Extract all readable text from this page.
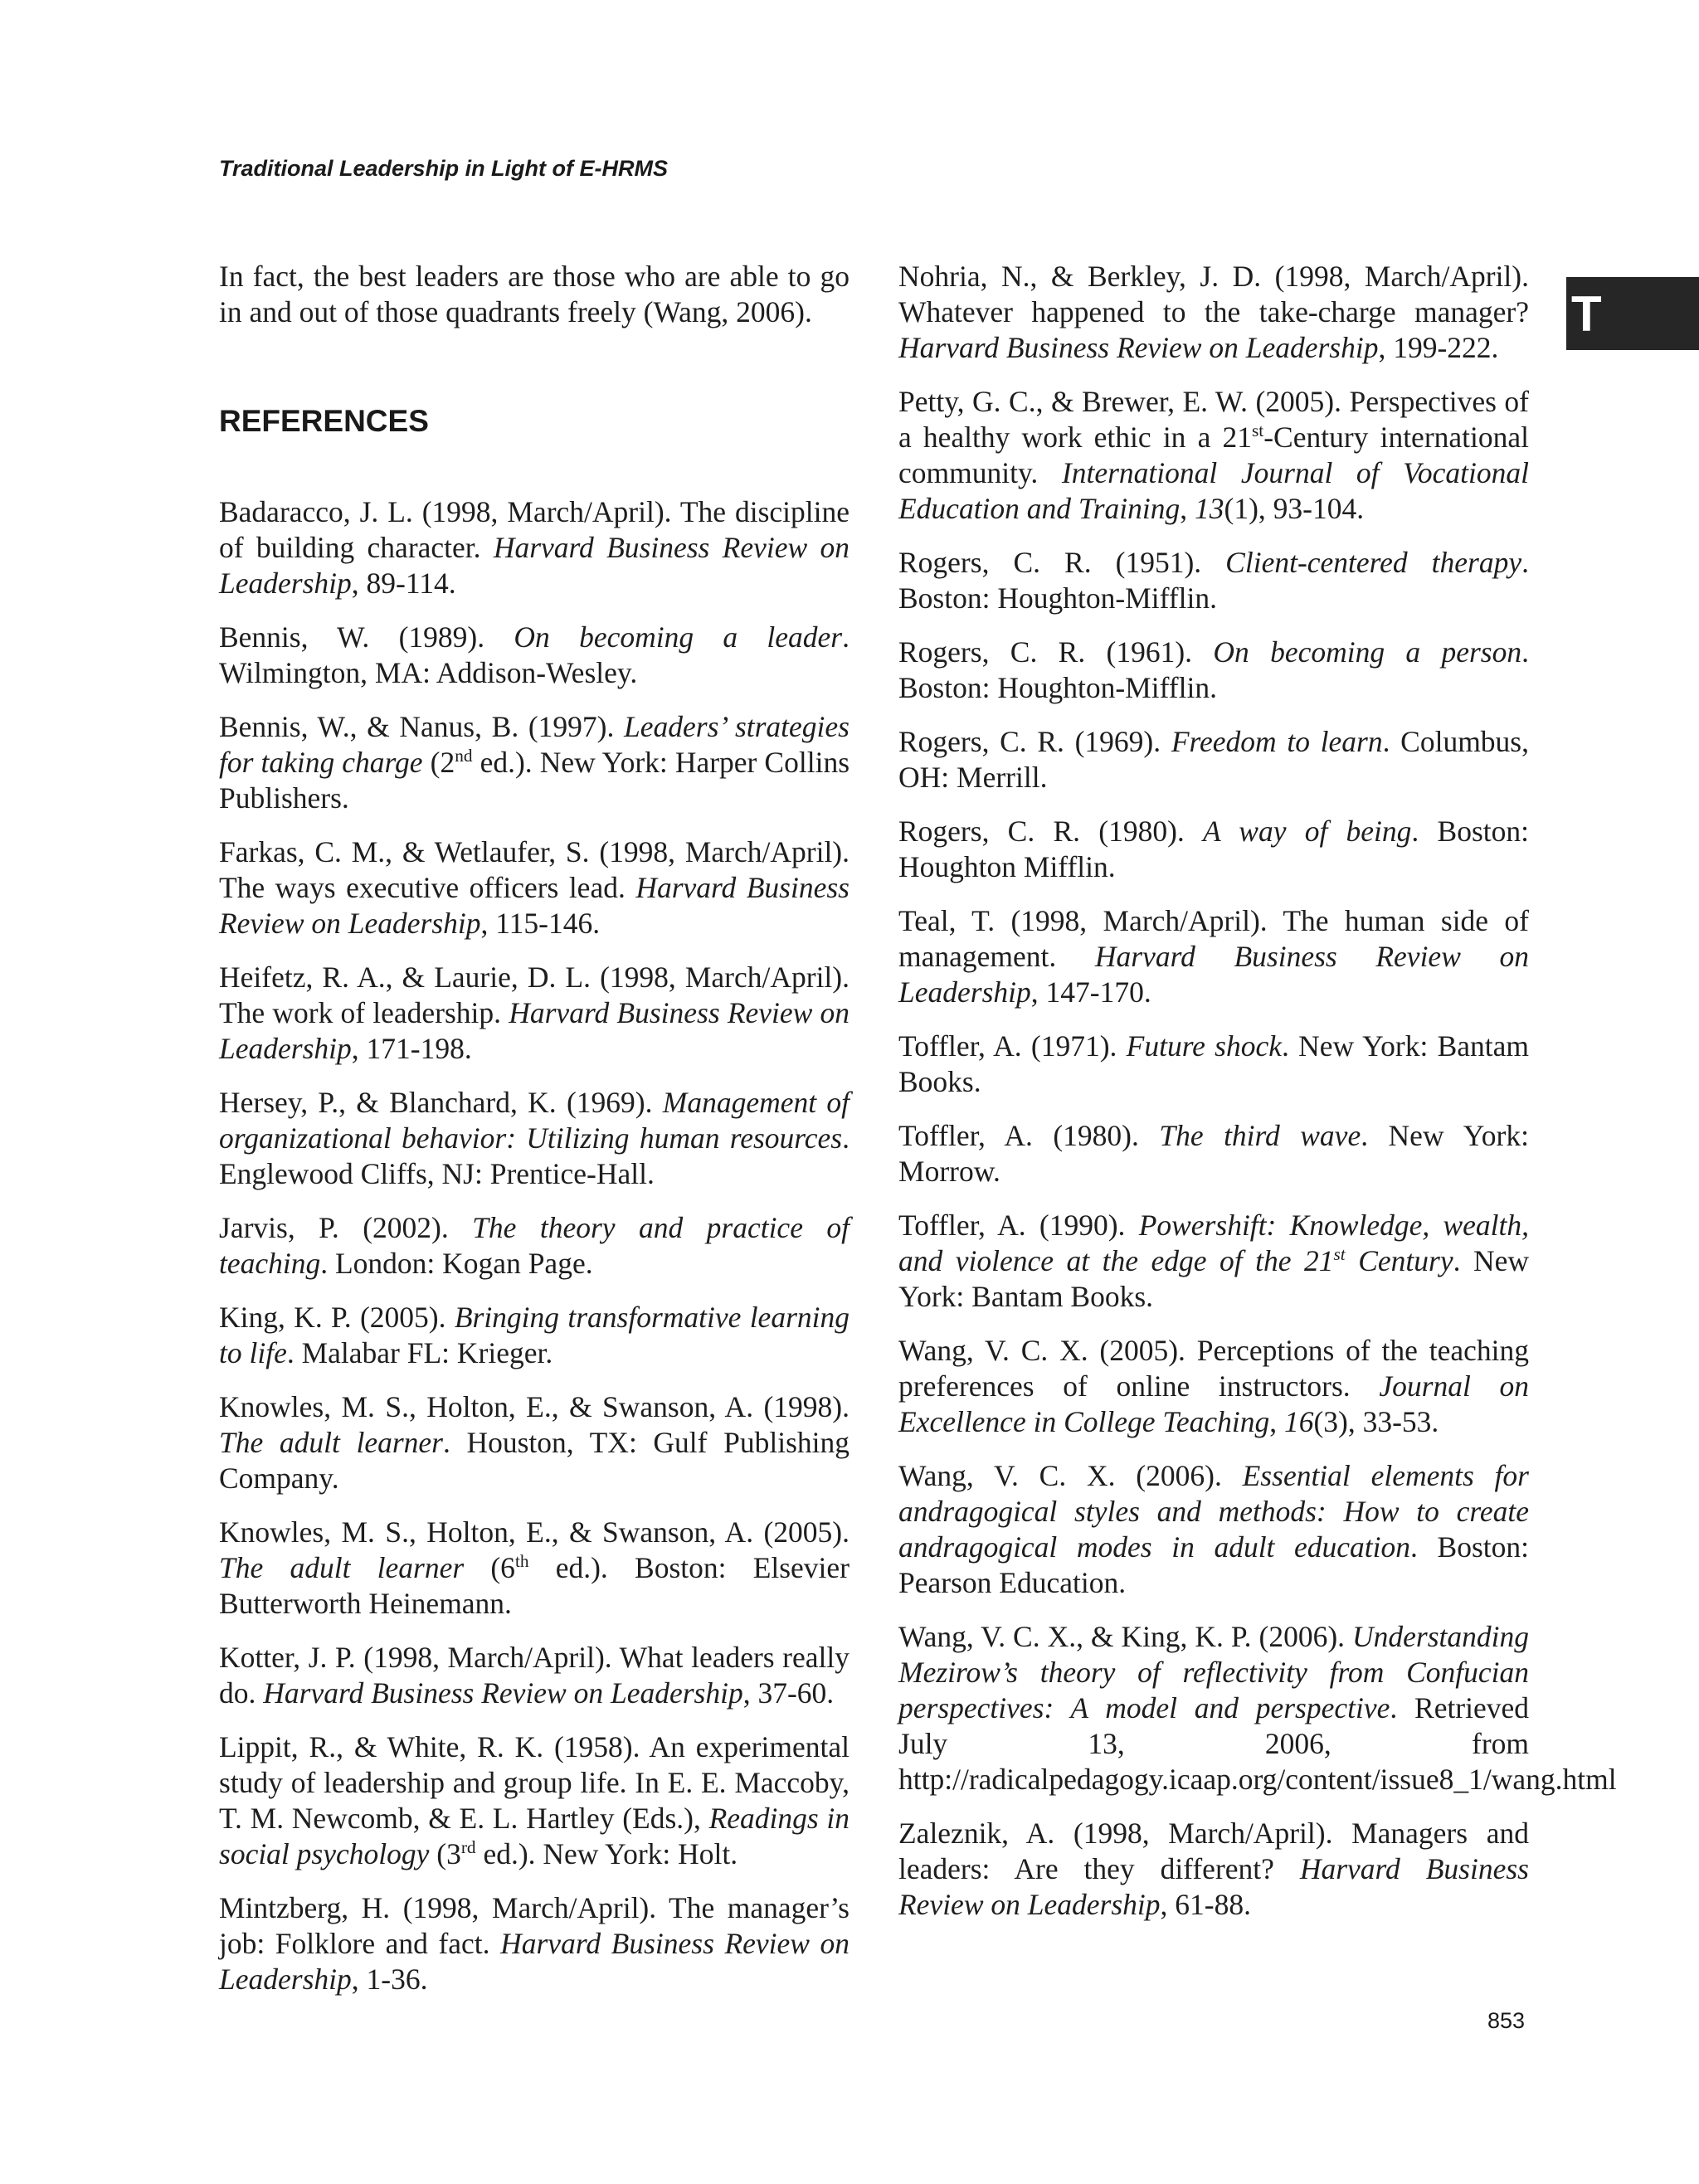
Traditional Leadership in Light of E-HRMS
T

In fact, the best leaders are those who are able to go in and out of those quadrants freely (Wang, 2006).

REFERENCES

Badaracco, J. L. (1998, March/April). The discipline of building character. Harvard Business Review on Leadership, 89-114.

Bennis, W. (1989). On becoming a leader. Wilmington, MA: Addison-Wesley.

Bennis, W., & Nanus, B. (1997). Leaders’ strategies for taking charge (2nd ed.). New York: Harper Collins Publishers.

Farkas, C. M., & Wetlaufer, S. (1998, March/April). The ways executive officers lead. Harvard Business Review on Leadership, 115-146.

Heifetz, R. A., & Laurie, D. L. (1998, March/April). The work of leadership. Harvard Business Review on Leadership, 171-198.

Hersey, P., & Blanchard, K. (1969). Management of organizational behavior: Utilizing human resources. Englewood Cliffs, NJ: Prentice-Hall.

Jarvis, P. (2002). The theory and practice of teaching. London: Kogan Page.

King, K. P. (2005). Bringing transformative learning to life. Malabar FL: Krieger.

Knowles, M. S., Holton, E., & Swanson, A. (1998). The adult learner. Houston, TX: Gulf Publishing Company.

Knowles, M. S., Holton, E., & Swanson, A. (2005). The adult learner (6th ed.). Boston: Elsevier Butterworth Heinemann.

Kotter, J. P. (1998, March/April). What leaders really do. Harvard Business Review on Leadership, 37-60.

Lippit, R., & White, R. K. (1958). An experimental study of leadership and group life. In E. E. Maccoby, T. M. Newcomb, & E. L. Hartley (Eds.), Readings in social psychology (3rd ed.). New York: Holt.

Mintzberg, H. (1998, March/April). The manager’s job: Folklore and fact. Harvard Business Review on Leadership, 1-36.

Nohria, N., & Berkley, J. D. (1998, March/April). Whatever happened to the take-charge manager? Harvard Business Review on Leadership, 199-222.

Petty, G. C., & Brewer, E. W. (2005). Perspectives of a healthy work ethic in a 21st-Century international community. International Journal of Vocational Education and Training, 13(1), 93-104.

Rogers, C. R. (1951). Client-centered therapy. Boston: Houghton-Mifflin.

Rogers, C. R. (1961). On becoming a person. Boston: Houghton-Mifflin.

Rogers, C. R. (1969). Freedom to learn. Columbus, OH: Merrill.

Rogers, C. R. (1980). A way of being. Boston: Houghton Mifflin.

Teal, T. (1998, March/April). The human side of management. Harvard Business Review on Leadership, 147-170.

Toffler, A. (1971). Future shock. New York: Bantam Books.

Toffler, A. (1980). The third wave. New York: Morrow.

Toffler, A. (1990). Powershift: Knowledge, wealth, and violence at the edge of the 21st Century. New York: Bantam Books.

Wang, V. C. X. (2005). Perceptions of the teaching preferences of online instructors. Journal on Excellence in College Teaching, 16(3), 33-53.

Wang, V. C. X. (2006). Essential elements for andragogical styles and methods: How to create andragogical modes in adult education. Boston: Pearson Education.

Wang, V. C. X., & King, K. P. (2006). Understanding Mezirow’s theory of reflectivity from Confucian perspectives: A model and perspective. Retrieved July 13, 2006, from http://radicalpedagogy.icaap.org/content/issue8_1/wang.html

Zaleznik, A. (1998, March/April). Managers and leaders: Are they different? Harvard Business Review on Leadership, 61-88.

853
